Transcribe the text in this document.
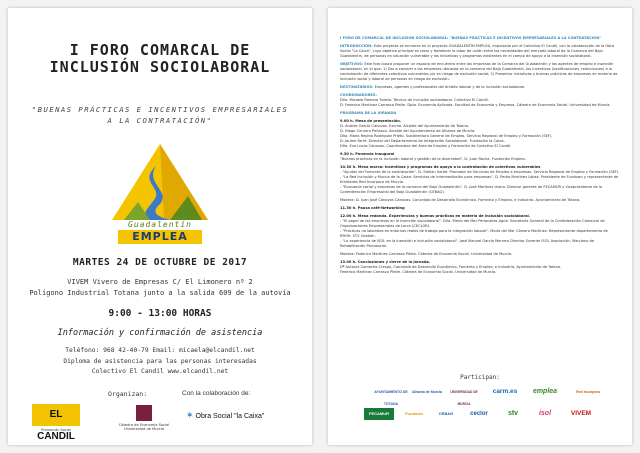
I FORO COMARCAL DE
INCLUSIÓN SOCIOLABORAL
"BUENAS PRÁCTICAS E INCENTIVOS EMPRESARIALES
A LA CONTRATACIÓN"
Guadalentín
EMPLEA
MARTES 24 DE OCTUBRE DE 2017
VIVEM Vivero de Empresas C/ El Limonero nº 2
Polígono Industrial Totana junto a la salida 609 de la autovía
9:00 - 13:00 HORAS
Información y confirmación de asistencia
Teléfono: 968 42-40-79 Email: micaela@elcandil.net
Diploma de asistencia para las personas interesadas
Colectivo El Candil www.elcandil.net
Organizan:	Con la colaboración de:
EL CANDIL
Promoción Social
Cátedra de Economía Social Universidad de Murcia
✶ Obra Social "la Caixa"

I FORO DE COMARCAL DE INCLUSIÓN SOCIOLABORAL: "BUENAS PRÁCTICAS E INCENTIVOS EMPRESARIALES A LA CONTRATACIÓN"

INTRODUCCIÓN: Este proyecto se enmarca en el proyecto GUADALENTÍN EMPLEA, impulsado por el Colectivo El Candil, con la colaboración de la Obra Social "La Caixa", cuyo objetivo principal es crear y fortalecer la labor de unión entre los necesidades del mercado laboral de la Comarca del Bajo Guadalentín, de personas en situación vulnerable y las iniciativas y programas existentes en el campo de apoyo a la inserción sociolaboral.

OBJETIVOS: Este foro busca proponer un espacio de encuentro entre las empresas de la Comarca del Guadalentín y los agentes de empleo e inserción sociolaboral, en el que: 1) Dar a conocer a las empresas ubicadas en la comarca del Bajo Guadalentín, los incentivos (bonificaciones, reducciones) a la contratación de diferentes colectivos vulnerables y/o en riesgo de exclusión social; 2) Presentar iniciativas y buenas prácticas de empresas en materia de inclusión social y laboral de personas en riesgo de exclusión.

DESTINATARIOS: Empresas, agentes y profesionales del ámbito laboral y de la inclusión sociolaboral.

COORDINADORES:
Dña. Micaela Romero Tudela. Técnica de inclusión sociolaboral. Colectivo El Candil.
D. Federico Martínez Carrasco Pleite. Dpto. Economía Aplicada. Facultad de Economía y Empresa. Cátedra de Economía Social. Universidad de Murcia.

PROGRAMA DE LA JORNADA

9.00 h. Mesa de presentación.
D. Andrés García Cánovas. Excmo. Alcalde del Ayuntamiento de Totana.
D. Diego Cervera Peñasco. Alcalde del Ayuntamiento de Alhama de Murcia.
Dña. María Regina Rodríguez Prieto. Subdirectora General de Empleo. Servicio Regional de Empleo y Formación (SEF).
D. Jaume Farré. Director del Departamento de Integración Sociolaboral. Fundación la Caixa.
Dña. Eva Lucas Cánovas. Coordinadora del Área de Empleo y Formación de Colectivo El Candil.

9.30 h. Ponencia inaugural
"Buenas prácticas en la inclusión laboral y gestión de la diversidad". D. Juan Rocha. Fundación Empleo.

10.30 h. Mesa marco: incentivos y programas de apoyo a la contratación de colectivos vulnerables
- "Ayudas del Fomento de la contratación". D. Stellan Sorbé. Promotor de Servicios de Empleo a empresas. Servicio Regional de Empleo y Formación (SEF).
- "La Red Inclusión y Murcia de la Caixa: Servicios de Intermediación para empresas". D. Pedro Martínez López. Presidente de Fundown y representante de Entidades Red Incorpora de Murcia.
- "Economía social y empresas de la comarca del Bajo Guadalentín". D. José Martínez Usero. Director gerente de FECAMUR y Vicepresidente de la Confederación Empresarial del Bajo Guadalentín (CEBAG).

Modera: D. Juan José Cánovas Cánovas. Concejala de Desarrollo Económico, Fomento y Empleo, e Industria. Ayuntamiento de Totana.

11.30 h. Pausa café-Networking

12.00 h. Mesa redonda. Experiencias y buenas prácticas en materia de inclusión sociolaboral.
- "El papel de las empresas en la inserción sociolaboral". Dña. María del Mar Perlacollas Agüe. Secretaria General de la Confederación Comarcal de Organizaciones Empresariales de Lorca (CECLOR).
- "Prácticas no laborales en entornos reales de trabajo para la integración laboral". María del Mar Cámara Martínez. Representante departamento de RRHH. STV Gestión.
- "La experiencia de ISOL en la inserción e inclusión sociolaboral". José Manuel García Marrero Director Gerente ISOL Asociación. Marciano de Rehabilitación Psicosocial.

Modera: Federico Martínez Carrasco Pleite. Cátedra de Economía Social. Universidad de Murcia.

13.00 h. Conclusiones y cierre de la jornada.
Dª Antonia Camacho Crespo, Concejala de Desarrollo Económico, Fomento y Empleo, e Industria. Ayuntamiento de Totana.
Federico Martínez Carrasco Pleite. Cátedra de Economía Social. Universidad de Murcia.

Participan:
AYUNTAMIENTO DE TOTANA
Alhama de Murcia	UNIVERSIDAD DE MURCIA
carm.es	emplea	Red Incorpora
FECAMUR	Fundown	CEBAG	ceclor	stv	isol	VIVEM
